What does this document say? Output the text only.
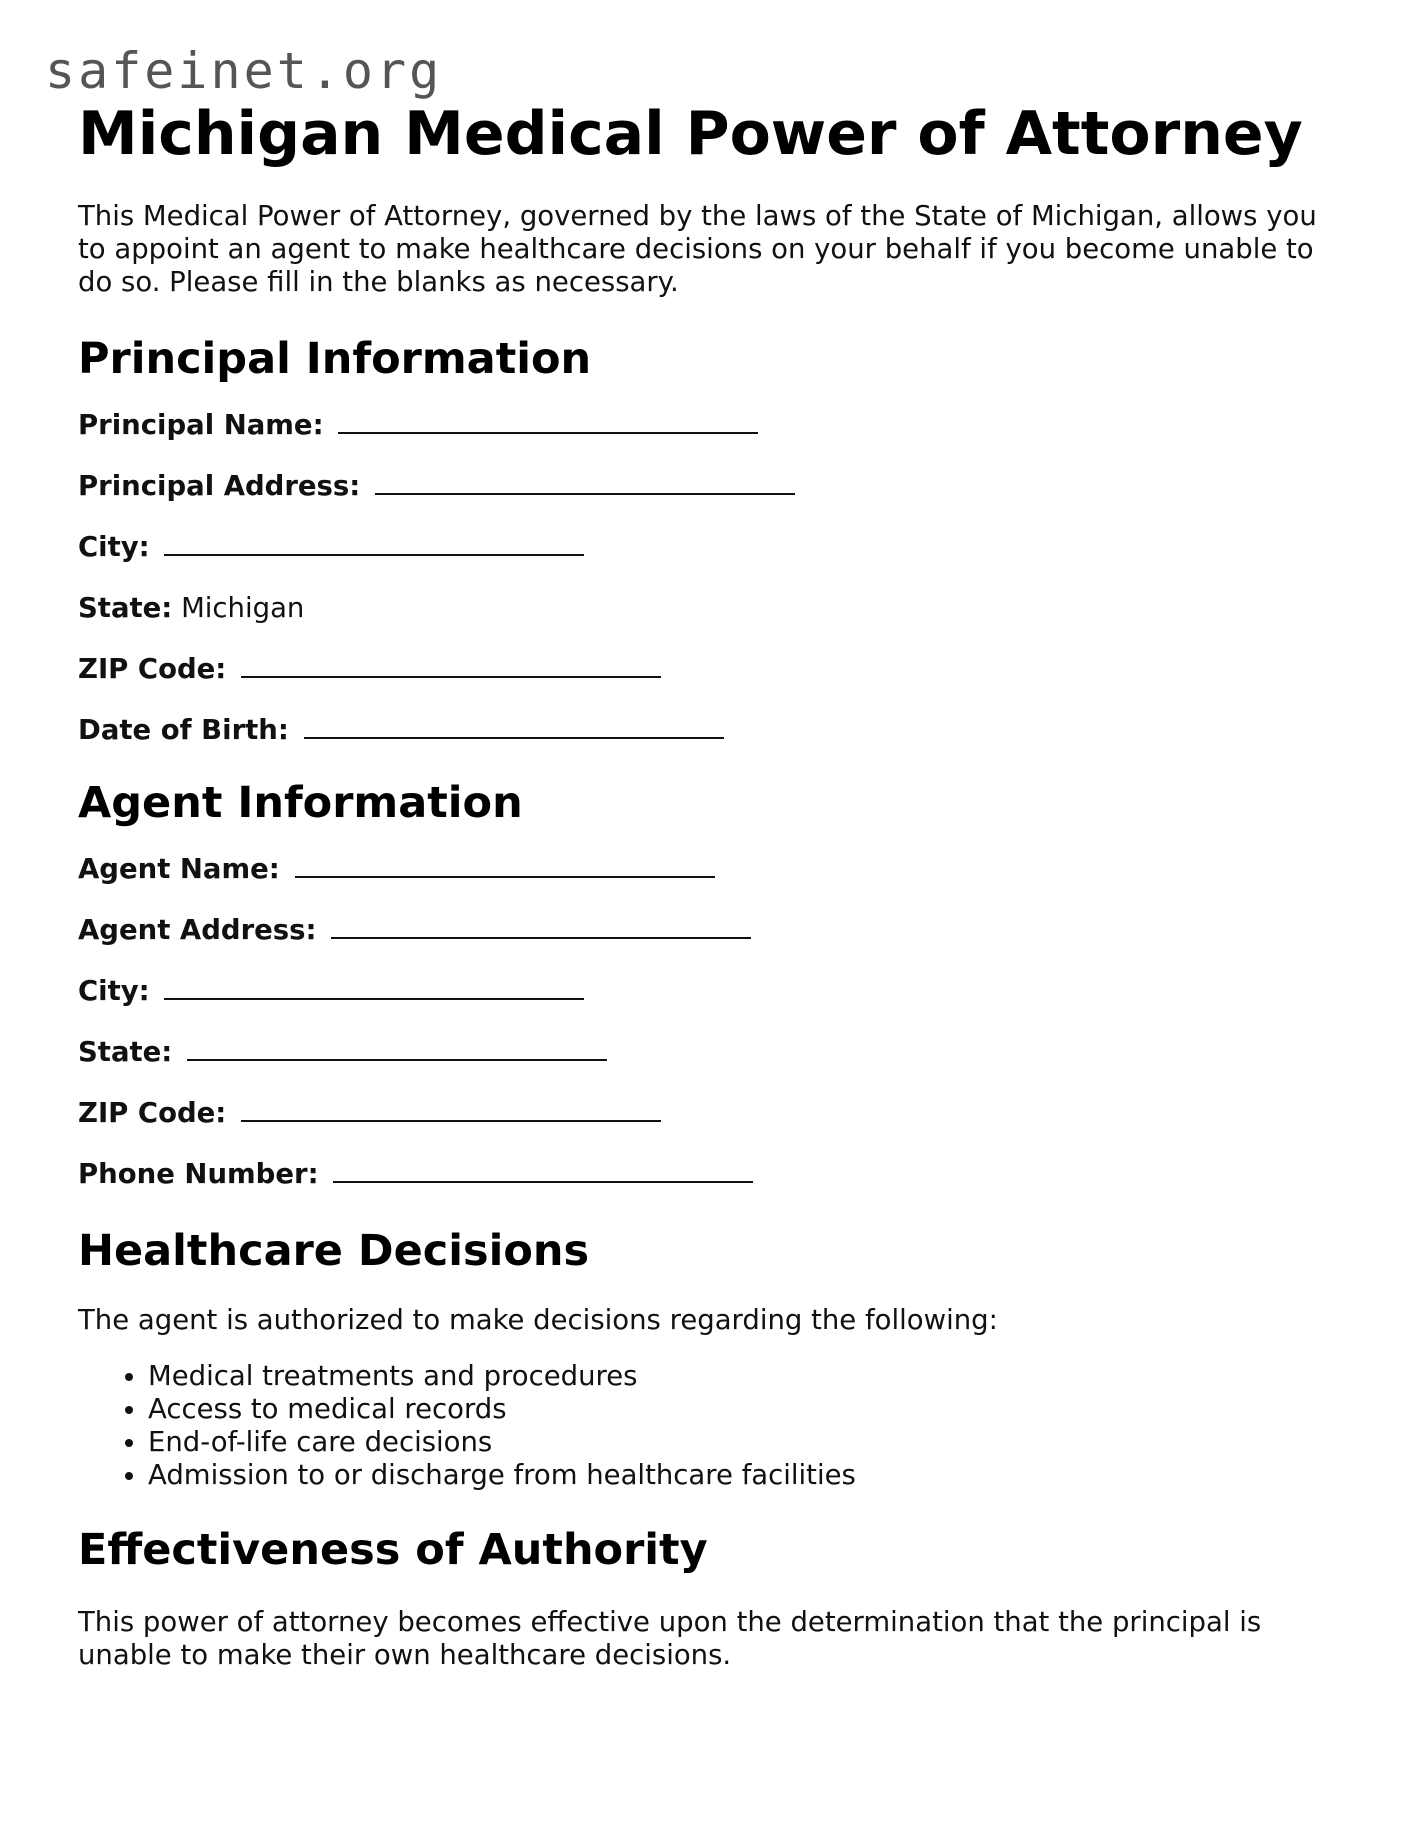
safeinet.org
Michigan Medical Power of Attorney

This Medical Power of Attorney, governed by the laws of the State of Michigan, allows you to appoint an agent to make healthcare decisions on your behalf if you become unable to do so. Please fill in the blanks as necessary.

Principal Information
Principal Name:
Principal Address:
City:
State: Michigan
ZIP Code:
Date of Birth:
Agent Information
Agent Name:
Agent Address:
City:
State:
ZIP Code:
Phone Number:
Healthcare Decisions

The agent is authorized to make decisions regarding the following:

• Medical treatments and procedures
• Access to medical records
• End-of-life care decisions
• Admission to or discharge from healthcare facilities
Effectiveness of Authority

This power of attorney becomes effective upon the determination that the principal is unable to make their own healthcare decisions.
